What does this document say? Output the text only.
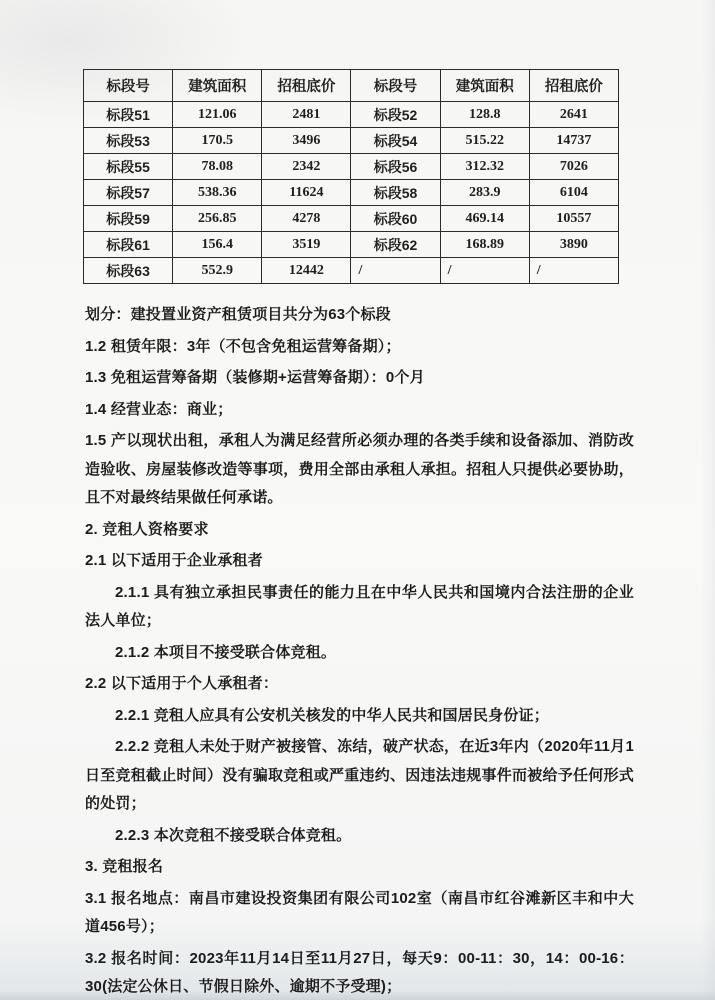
标段号	建筑面积	招租底价	标段号	建筑面积	招租底价
标段51	121.06	2481	标段52	128.8	2641
标段53	170.5	3496	标段54	515.22	14737
标段55	78.08	2342	标段56	312.32	7026
标段57	538.36	11624	标段58	283.9	6104
标段59	256.85	4278	标段60	469.14	10557
标段61	156.4	3519	标段62	168.89	3890
标段63	552.9	12442	/	/	/
划分：建投置业资产租赁项目共分为63个标段
1.2 租赁年限：3年（不包含免租运营筹备期）；
1.3 免租运营筹备期（装修期+运营筹备期）：0个月
1.4 经营业态：商业；
1.5 产以现状出租，承租人为满足经营所必须办理的各类手续和设备添加、消防改造验收、房屋装修改造等事项，费用全部由承租人承担。招租人只提供必要协助，且不对最终结果做任何承诺。
2. 竞租人资格要求
2.1 以下适用于企业承租者
2.1.1 具有独立承担民事责任的能力且在中华人民共和国境内合法注册的企业法人单位；
2.1.2 本项目不接受联合体竞租。
2.2 以下适用于个人承租者：
2.2.1 竞租人应具有公安机关核发的中华人民共和国居民身份证；
2.2.2 竞租人未处于财产被接管、冻结，破产状态，在近3年内（2020年11月1日至竞租截止时间）没有骗取竞租或严重违约、因违法违规事件而被给予任何形式的处罚；
2.2.3 本次竞租不接受联合体竞租。
3. 竞租报名
3.1 报名地点：南昌市建设投资集团有限公司102室（南昌市红谷滩新区丰和中大道456号）；
3.2 报名时间：2023年11月14日至11月27日，每天9：00-11：30，14：00-16：30(法定公休日、节假日除外、逾期不予受理)；
